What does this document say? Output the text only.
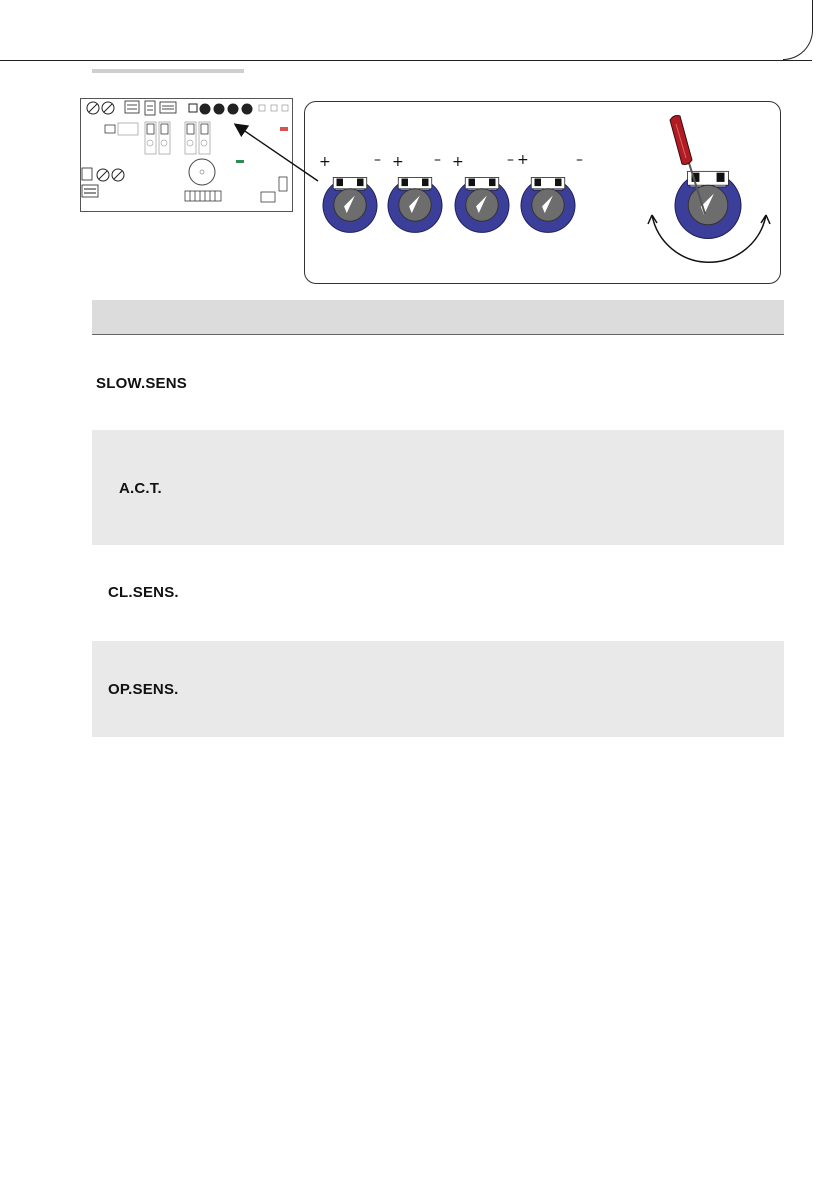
+	– + – +	– +	–
SLOW.SENS
A.C.T.
CL.SENS.
OP.SENS.
